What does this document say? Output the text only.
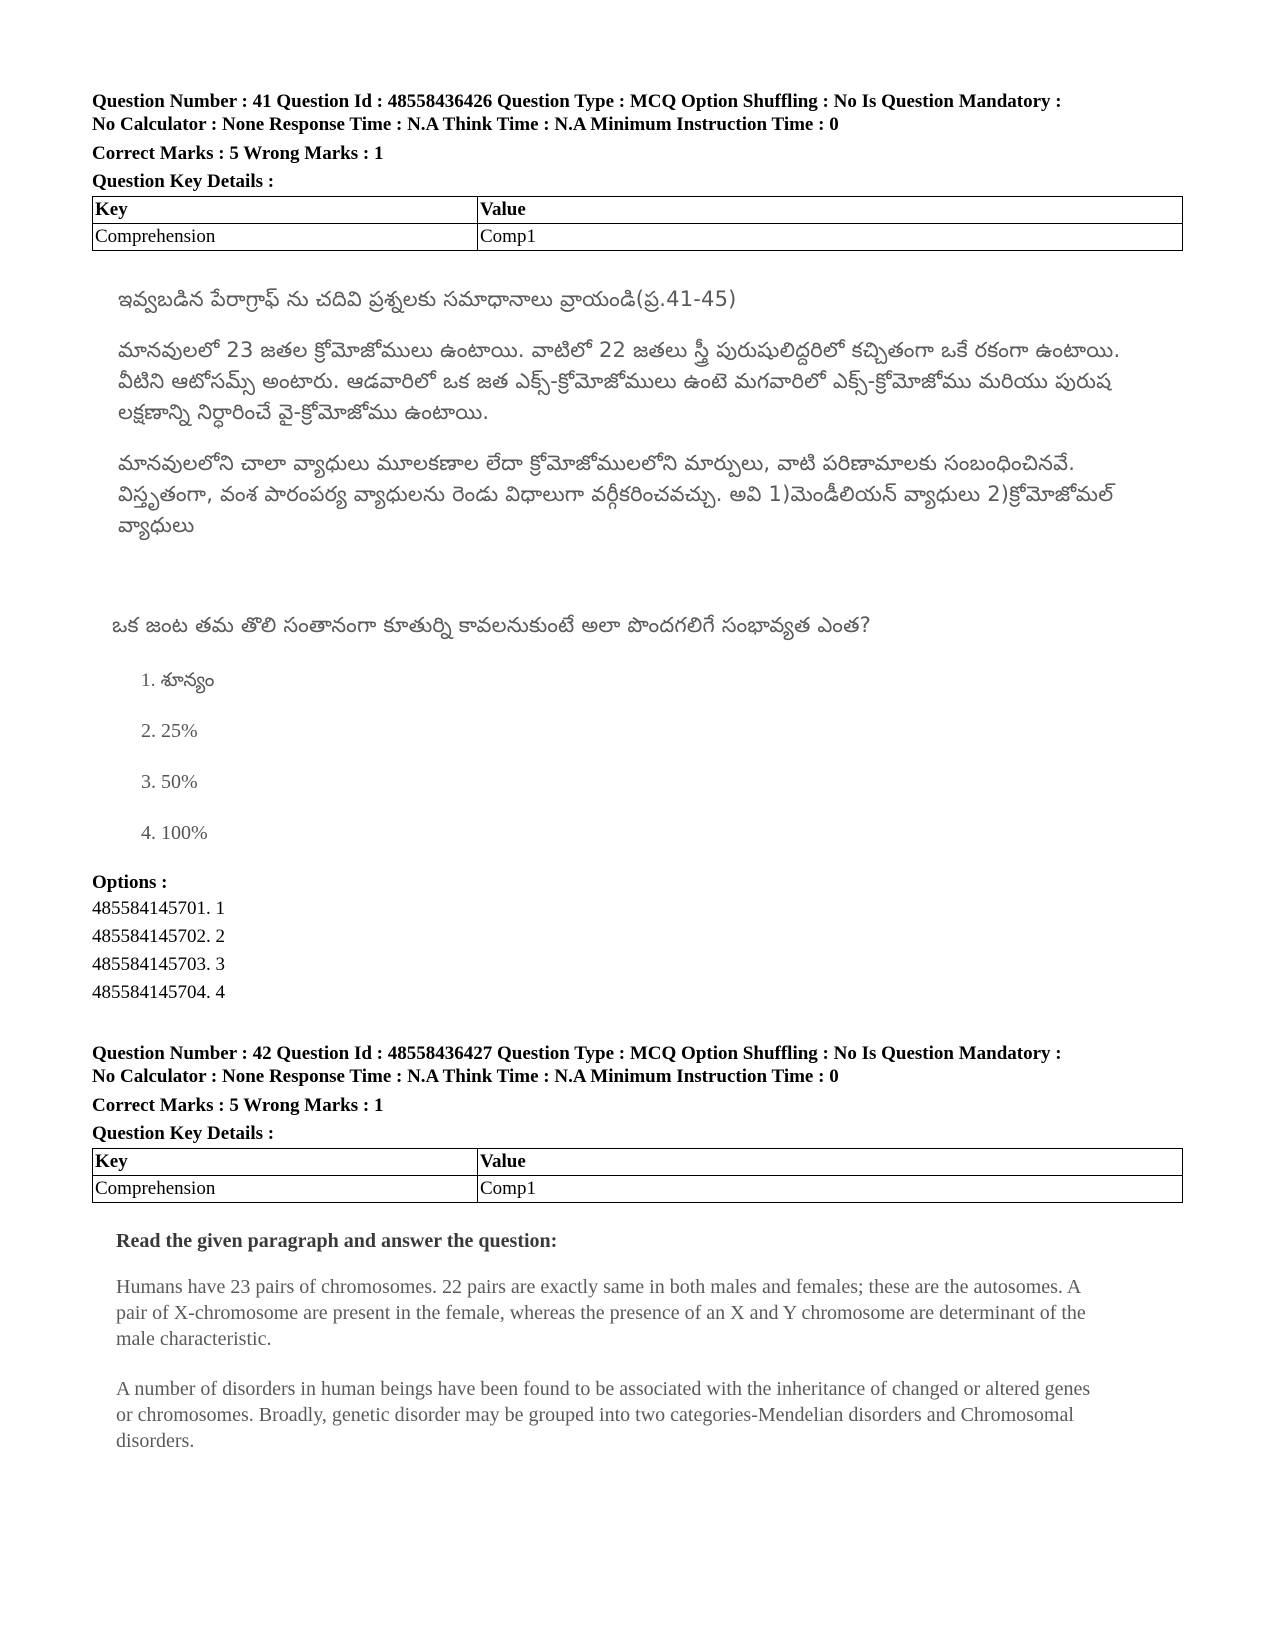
Question Number : 41 Question Id : 48558436426 Question Type : MCQ Option Shuffling : No Is Question Mandatory :
No Calculator : None Response Time : N.A Think Time : N.A Minimum Instruction Time : 0
Correct Marks : 5 Wrong Marks : 1
Question Key Details :
Key	Value
Comprehension	Comp1
ఇవ్వబడిన పేరాగ్రాఫ్ ను చదివి ప్రశ్నలకు సమాధానాలు వ్రాయండి(ప్ర.41-45)
మానవులలో 23 జతల క్రోమోజోములు ఉంటాయి. వాటిలో 22 జతలు స్త్రీ పురుషులిద్దరిలో కచ్చితంగా ఒకే రకంగా ఉంటాయి. వీటిని ఆటోసమ్స్ అంటారు. ఆడవారిలో ఒక జత ఎక్స్-క్రోమోజోములు ఉంటె మగవారిలో ఎక్స్-క్రోమోజోము మరియు పురుష లక్షణాన్ని నిర్ధారించే వై-క్రోమోజోము ఉంటాయి.
మానవులలోని చాలా వ్యాధులు మూలకణాల లేదా క్రోమోజోములలోని మార్పులు, వాటి పరిణామాలకు సంబంధించినవే. విస్తృతంగా, వంశ పారంపర్య వ్యాధులను రెండు విధాలుగా వర్గీకరించవచ్చు. అవి 1)మెండీలియన్ వ్యాధులు 2)క్రోమోజోమల్ వ్యాధులు
ఒక జంట తమ తొలి సంతానంగా కూతుర్ని కావలనుకుంటే అలా పొందగలిగే సంభావ్యత ఎంత?
1. శూన్యం
2. 25%
3. 50%
4. 100%
Options :
485584145701. 1
485584145702. 2
485584145703. 3
485584145704. 4
Question Number : 42 Question Id : 48558436427 Question Type : MCQ Option Shuffling : No Is Question Mandatory :
No Calculator : None Response Time : N.A Think Time : N.A Minimum Instruction Time : 0
Correct Marks : 5 Wrong Marks : 1
Question Key Details :
Key	Value
Comprehension	Comp1
Read the given paragraph and answer the question:
Humans have 23 pairs of chromosomes. 22 pairs are exactly same in both males and females; these are the autosomes. A pair of X-chromosome are present in the female, whereas the presence of an X and Y chromosome are determinant of the male characteristic.
A number of disorders in human beings have been found to be associated with the inheritance of changed or altered genes or chromosomes. Broadly, genetic disorder may be grouped into two categories-Mendelian disorders and Chromosomal disorders.
